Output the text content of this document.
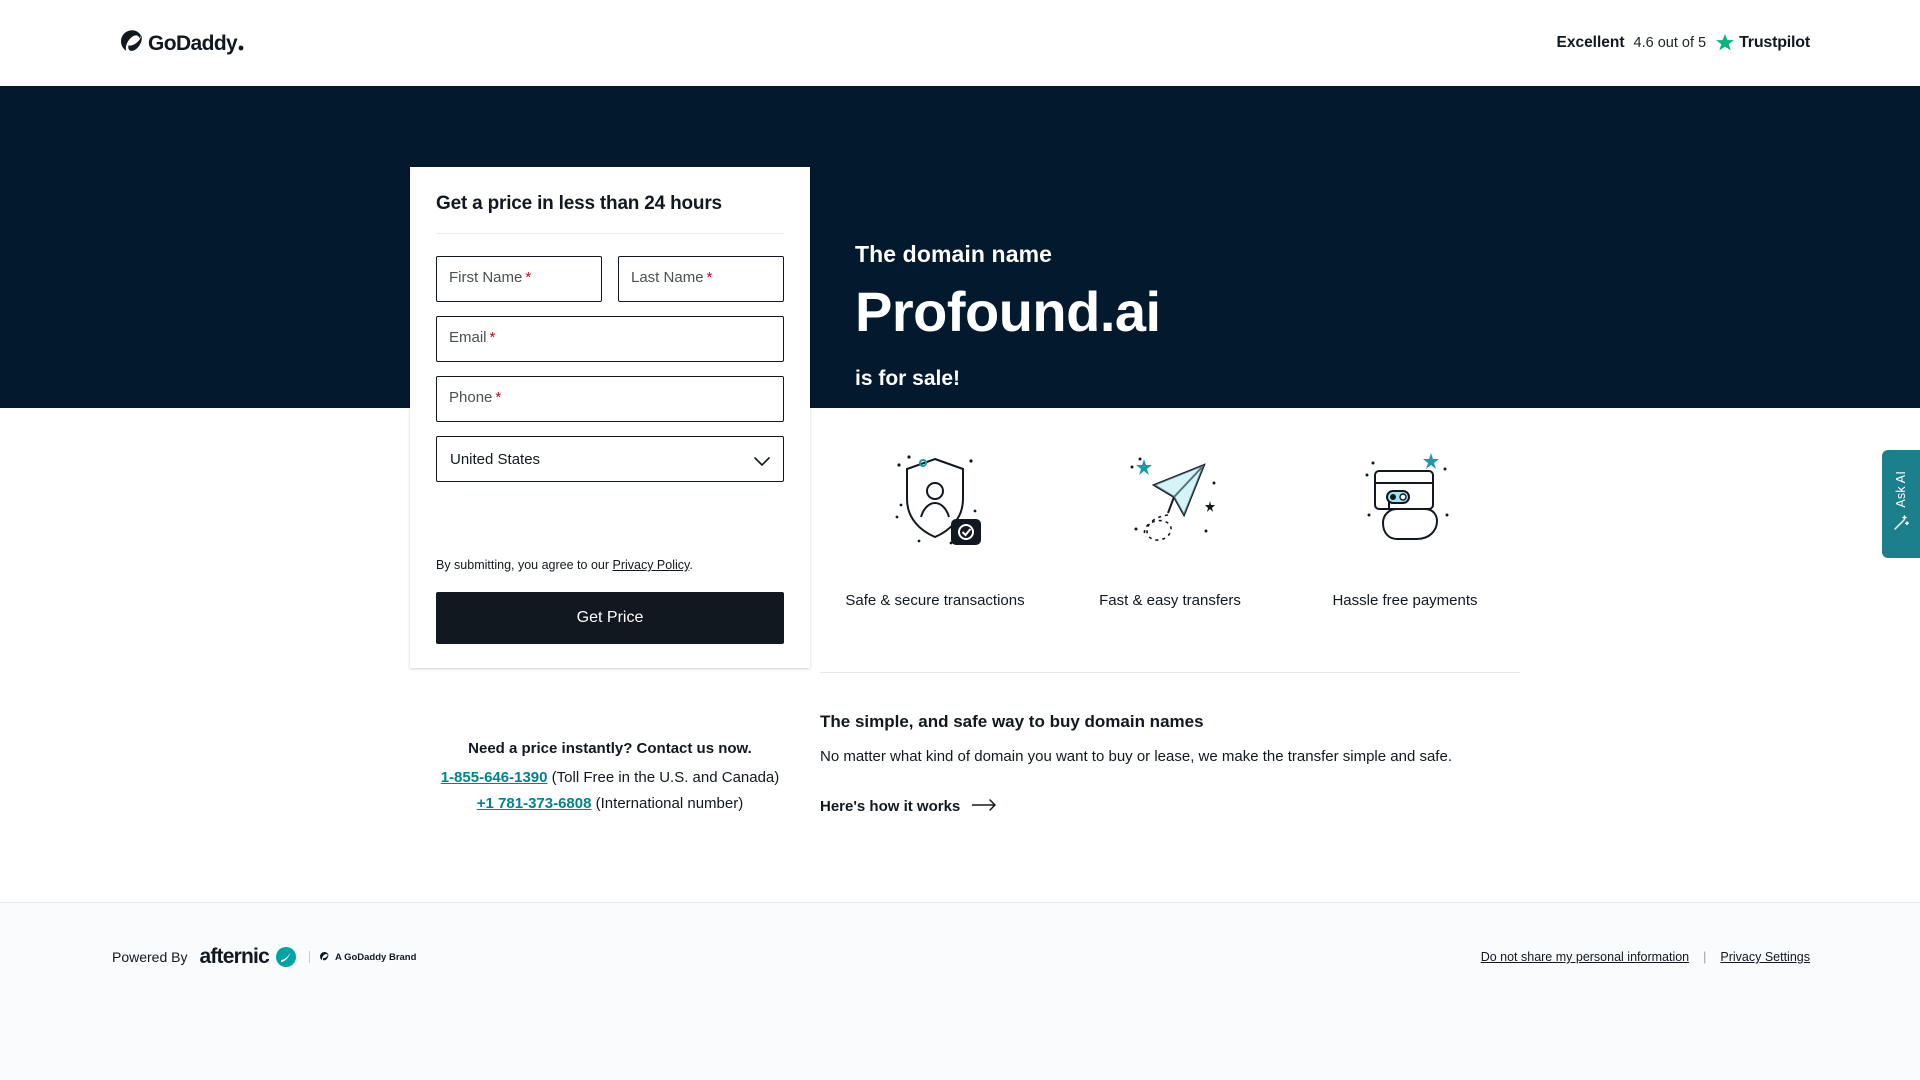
GoDaddy	Excellent 4.6 out of 5 Trustpilot
The domain name
Profound.ai
is for sale!
Get a price in less than 24 hours
First Name *	Last Name *
Email *
Phone *
United States
By submitting, you agree to our Privacy Policy.
Get Price
Need a price instantly? Contact us now.
1-855-646-1390 (Toll Free in the U.S. and Canada)
+1 781-373-6808 (International number)
Safe & secure transactions	Fast & easy transfers	Hassle free payments
The simple, and safe way to buy domain names

No matter what kind of domain you want to buy or lease, we make the transfer simple and safe.

Here's how it works
Ask AI
Powered By afternic	A GoDaddy Brand	Do not share my personal information | Privacy Settings
